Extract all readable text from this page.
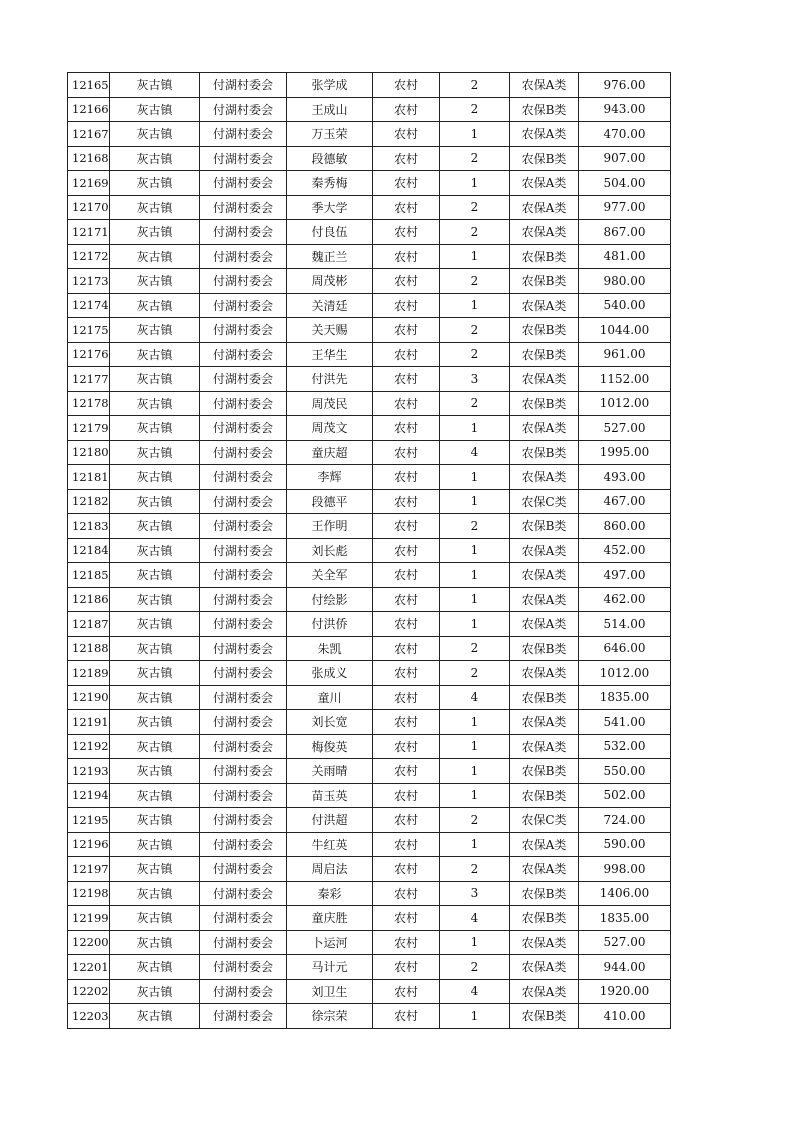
12165	灰古镇	付湖村委会	张学成	农村	2	农保A类	976.00
12166	灰古镇	付湖村委会	王成山	农村	2	农保B类	943.00
12167	灰古镇	付湖村委会	万玉荣	农村	1	农保A类	470.00
12168	灰古镇	付湖村委会	段德敏	农村	2	农保B类	907.00
12169	灰古镇	付湖村委会	秦秀梅	农村	1	农保A类	504.00
12170	灰古镇	付湖村委会	季大学	农村	2	农保A类	977.00
12171	灰古镇	付湖村委会	付良伍	农村	2	农保A类	867.00
12172	灰古镇	付湖村委会	魏正兰	农村	1	农保B类	481.00
12173	灰古镇	付湖村委会	周茂彬	农村	2	农保B类	980.00
12174	灰古镇	付湖村委会	关清廷	农村	1	农保A类	540.00
12175	灰古镇	付湖村委会	关天赐	农村	2	农保B类	1044.00
12176	灰古镇	付湖村委会	王华生	农村	2	农保B类	961.00
12177	灰古镇	付湖村委会	付洪先	农村	3	农保A类	1152.00
12178	灰古镇	付湖村委会	周茂民	农村	2	农保B类	1012.00
12179	灰古镇	付湖村委会	周茂文	农村	1	农保A类	527.00
12180	灰古镇	付湖村委会	童庆超	农村	4	农保B类	1995.00
12181	灰古镇	付湖村委会	李辉	农村	1	农保A类	493.00
12182	灰古镇	付湖村委会	段德平	农村	1	农保C类	467.00
12183	灰古镇	付湖村委会	王作明	农村	2	农保B类	860.00
12184	灰古镇	付湖村委会	刘长彪	农村	1	农保A类	452.00
12185	灰古镇	付湖村委会	关全军	农村	1	农保A类	497.00
12186	灰古镇	付湖村委会	付绘影	农村	1	农保A类	462.00
12187	灰古镇	付湖村委会	付洪侨	农村	1	农保A类	514.00
12188	灰古镇	付湖村委会	朱凯	农村	2	农保B类	646.00
12189	灰古镇	付湖村委会	张成义	农村	2	农保A类	1012.00
12190	灰古镇	付湖村委会	童川	农村	4	农保B类	1835.00
12191	灰古镇	付湖村委会	刘长宽	农村	1	农保A类	541.00
12192	灰古镇	付湖村委会	梅俊英	农村	1	农保A类	532.00
12193	灰古镇	付湖村委会	关雨晴	农村	1	农保B类	550.00
12194	灰古镇	付湖村委会	苗玉英	农村	1	农保B类	502.00
12195	灰古镇	付湖村委会	付洪超	农村	2	农保C类	724.00
12196	灰古镇	付湖村委会	牛红英	农村	1	农保A类	590.00
12197	灰古镇	付湖村委会	周启法	农村	2	农保A类	998.00
12198	灰古镇	付湖村委会	秦彩	农村	3	农保B类	1406.00
12199	灰古镇	付湖村委会	童庆胜	农村	4	农保B类	1835.00
12200	灰古镇	付湖村委会	卜运河	农村	1	农保A类	527.00
12201	灰古镇	付湖村委会	马计元	农村	2	农保A类	944.00
12202	灰古镇	付湖村委会	刘卫生	农村	4	农保A类	1920.00
12203	灰古镇	付湖村委会	徐宗荣	农村	1	农保B类	410.00
